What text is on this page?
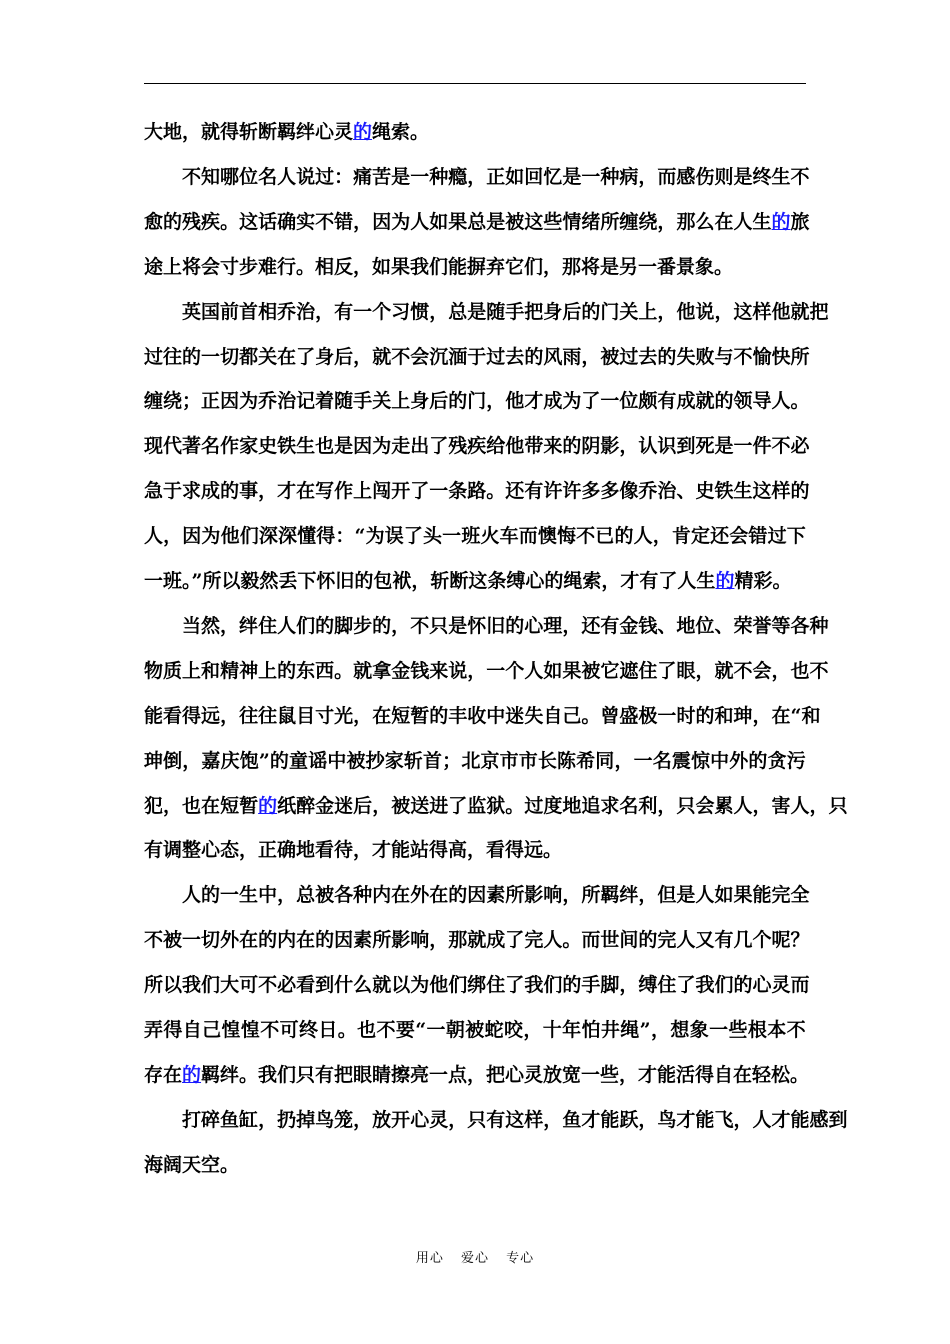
大地，就得斩断羁绊心灵的绳索。
不 知 哪 位 名 人 说 过 ： 痛 苦 是 一 种 瘾 ， 正 如 回 忆 是 一 种 病 ， 而 感 伤 则 是 终 生 不
愈 的 残 疾 。 这 话 确 实 不 错 ， 因 为 人 如 果 总 是 被 这 些 情 绪 所 缠 绕 ， 那 么 在 人 生 的 旅
途上将会寸步难行。相反，如果我们能摒弃它们，那将是另一番景象。
英 国 前 首 相 乔 治 ， 有 一 个 习 惯 ， 总 是 随 手 把 身 后 的 门 关 上 ， 他 说 ， 这 样 他 就 把
过 往 的 一 切 都 关 在 了 身 后 ， 就 不 会 沉 湎 于 过 去 的 风 雨 ， 被 过 去 的 失 败 与 不 愉 快 所
缠 绕 ； 正 因 为 乔 治 记 着 随 手 关 上 身 后 的 门 ， 他 才 成 为 了 一 位 颇 有 成 就 的 领 导 人 。
现 代 著 名 作 家 史 铁 生 也 是 因 为 走 出 了 残 疾 给 他 带 来 的 阴 影 ， 认 识 到 死 是 一 件 不 必
急 于 求 成 的 事 ， 才 在 写 作 上 闯 开 了 一 条 路 。 还 有 许 许 多 多 像 乔 治 、 史 铁 生 这 样 的
人 ， 因 为 他 们 深 深 懂 得 ： “ 为 误 了 头 一 班 火 车 而 懊 悔 不 已 的 人 ， 肯 定 还 会 错 过 下
一班。”所以毅然丢下怀旧的包袱，斩断这条缚心的绳索，才有了人生的精彩。
当 然 ， 绊 住 人 们 的 脚 步 的 ， 不 只 是 怀 旧 的 心 理 ， 还 有 金 钱 、 地 位 、 荣 誉 等 各 种
物 质 上 和 精 神 上 的 东 西 。 就 拿 金 钱 来 说 ， 一 个 人 如 果 被 它 遮 住 了 眼 ， 就 不 会 ， 也 不
能 看 得 远 ， 往 往 鼠 目 寸 光 ， 在 短 暂 的 丰 收 中 迷 失 自 己 。 曾 盛 极 一 时 的 和 珅 ， 在 “ 和
珅 倒 ， 嘉 庆 饱 ” 的 童 谣 中 被 抄 家 斩 首 ； 北 京 市 市 长 陈 希 同 ， 一 名 震 惊 中 外 的 贪 污
犯 ， 也 在 短 暂 的 纸 醉 金 迷 后 ， 被 送 进 了 监 狱 。 过 度 地 追 求 名 利 ， 只 会 累 人 ， 害 人 ， 只
有调整心态，正确地看待，才能站得高，看得远。
人 的 一 生 中 ， 总 被 各 种 内 在 外 在 的 因 素 所 影 响 ， 所 羁 绊 ， 但 是 人 如 果 能 完 全
不 被 一 切 外 在 的 内 在 的 因 素 所 影 响 ， 那 就 成 了 完 人 。 而 世 间 的 完 人 又 有 几 个 呢 ？
所 以 我 们 大 可 不 必 看 到 什 么 就 以 为 他 们 绑 住 了 我 们 的 手 脚 ， 缚 住 了 我 们 的 心 灵 而
弄 得 自 己 惶 惶 不 可 终 日 。 也 不 要 “ 一 朝 被 蛇 咬 ， 十 年 怕 井 绳 ” ， 想 象 一 些 根 本 不
存在的羁绊。我们只有把眼睛擦亮一点，把心灵放宽一些，才能活得自在轻松。
打 碎 鱼 缸 ， 扔 掉 鸟 笼 ， 放 开 心 灵 ， 只 有 这 样 ， 鱼 才 能 跃 ， 鸟 才 能 飞 ， 人 才 能 感 到
海阔天空。
用心 爱心 专心
